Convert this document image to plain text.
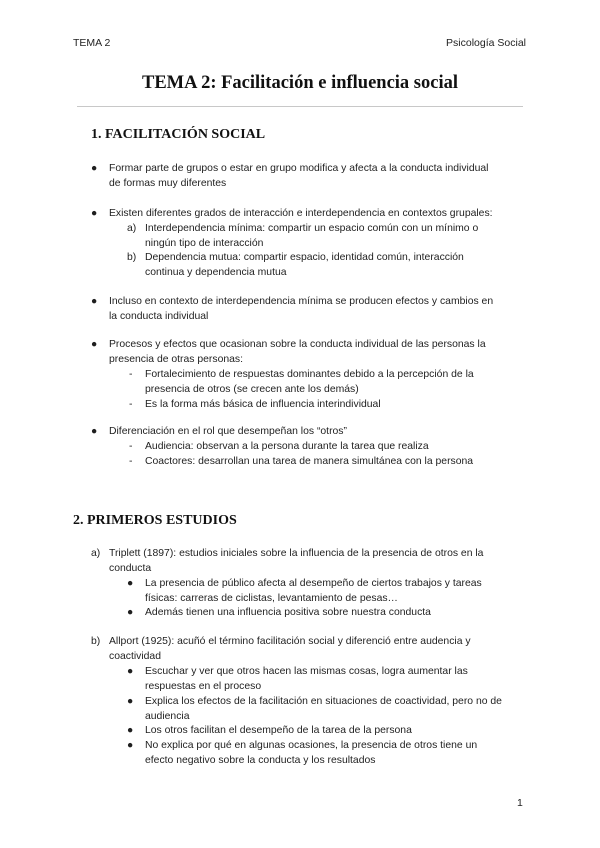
TEMA 2	Psicología Social
TEMA 2: Facilitación e influencia social
1. FACILITACIÓN SOCIAL
● Formar parte de grupos o estar en grupo modifica y afecta a la conducta individual
de formas muy diferentes
● Existen diferentes grados de interacción e interdependencia en contextos grupales:
a) Interdependencia mínima: compartir un espacio común con un mínimo o
ningún tipo de interacción
b) Dependencia mutua: compartir espacio, identidad común, interacción
continua y dependencia mutua
● Incluso en contexto de interdependencia mínima se producen efectos y cambios en
la conducta individual
● Procesos y efectos que ocasionan sobre la conducta individual de las personas la
presencia de otras personas:
- Fortalecimiento de respuestas dominantes debido a la percepción de la
presencia de otros (se crecen ante los demás)
- Es la forma más básica de influencia interindividual
● Diferenciación en el rol que desempeñan los “otros”
- Audiencia: observan a la persona durante la tarea que realiza
- Coactores: desarrollan una tarea de manera simultánea con la persona
2. PRIMEROS ESTUDIOS
a) Triplett (1897): estudios iniciales sobre la influencia de la presencia de otros en la
conducta
● La presencia de público afecta al desempeño de ciertos trabajos y tareas
físicas: carreras de ciclistas, levantamiento de pesas…
● Además tienen una influencia positiva sobre nuestra conducta
b) Allport (1925): acuñó el término facilitación social y diferenció entre audencia y
coactividad
● Escuchar y ver que otros hacen las mismas cosas, logra aumentar las
respuestas en el proceso
● Explica los efectos de la facilitación en situaciones de coactividad, pero no de
audiencia
● Los otros facilitan el desempeño de la tarea de la persona
● No explica por qué en algunas ocasiones, la presencia de otros tiene un
efecto negativo sobre la conducta y los resultados
1
